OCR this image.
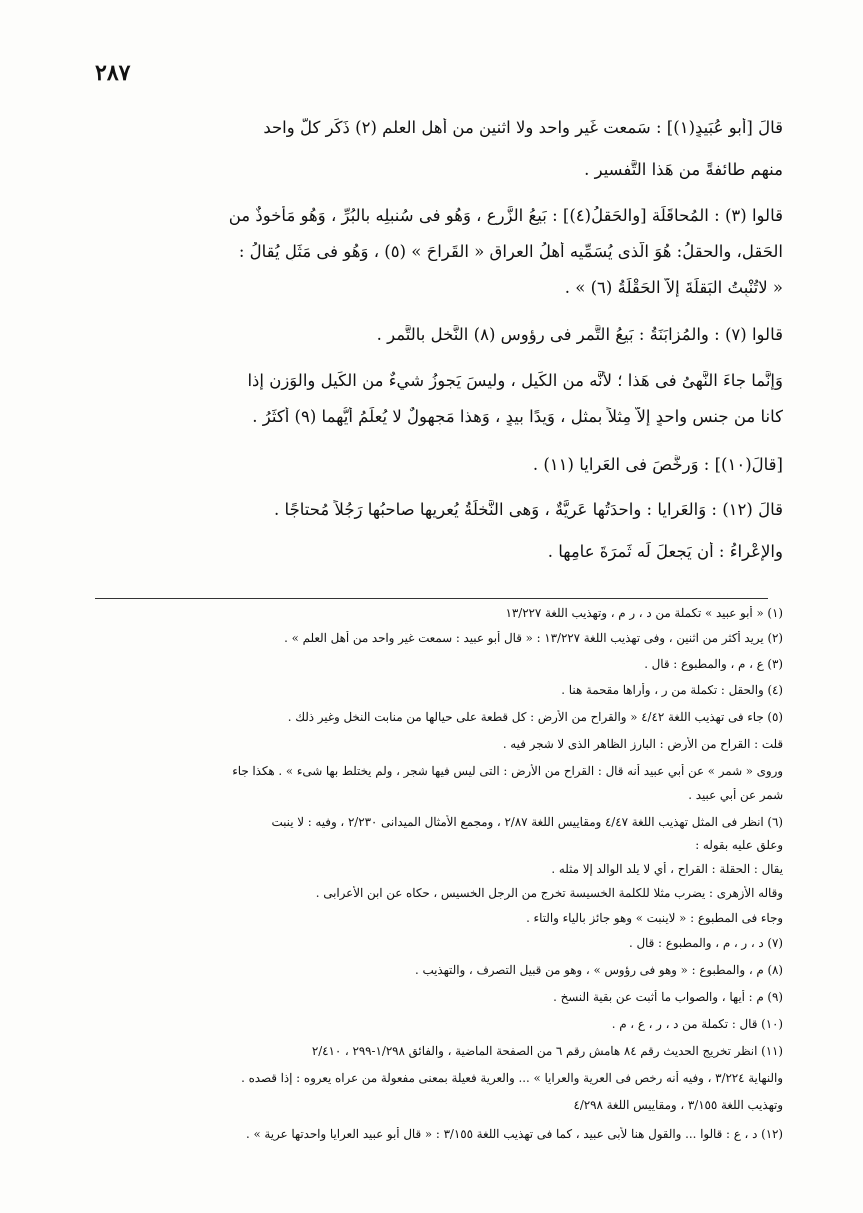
٢٨٧
قالَ [أَبو عُبَيدٍ(١)] : سَمعت غَير واحد ولا اثنين من أهل العلم (٢) ذَكَر كلَّ واحد
منهم طائفةً من هَذا التَّفسير .
قالوا (٣) : المُحاقَلَة [والحَقلُ(٤)] : بَيعُ الزَّرع ، وَهُو فى سُنبلِه بالبُرِّ ، وَهُو مَأْخوذٌ من
الحَقلِ، والحقلُ: هُوَ الَّذى يُسَمِّيه أَهلُ العراق « القَراحَ » (٥) ، وَهُو فى مَثَلٍ يُقالُ :
« لاتُنْبِتُ البَقلَةَ إِلاَّ الحَقْلَةُ (٦) » .
قالوا (٧) : والمُزابَنَةُ : بَيعُ التَّمر فى رؤوسِ (٨) النَّخلِ بالتَّمرِ .
وَإِنَّما جاءَ النَّهىُ فى هَذا ؛ لأنَّه من الكَيلِ ، وليسَ يَجوزُ شيءٌ من الكَيلِ والوَزنِ إِذا
كانا من جنسٍ واحدٍ إلاَّ مِثلاً بمثلٍ ، وَيدًا بيدٍ ، وَهذا مَجهولٌ لا يُعلَمُ أَيُّهما (٩) أكثَرُ .
[قالَ(١٠)] : وَرخَّصَ فى العَرايا (١١) .
قالَ (١٢) : وَالعَرايا : واحدَتُها عَرِيَّةٌ ، وَهى النَّخلَةُ يُعرِيها صاحبُها رَجُلاً مُحتاجًا .
والإِعْراءُ : أَن يَجعلَ لَه ثَمرَةَ عامِها .
(١) « أبو عبيد » تكملة من د ، ر م ، وتهذيب اللغة ١٣/٢٢٧
(٢) يريد أكثر من اثنين ، وفى تهذيب اللغة ١٣/٢٢٧ : « قال أبو عبيد : سمعت غير واحد من أهل العلم » .
(٣) ع ، م ، والمطبوع : قال .
(٤) والحقل : تكملة من ر ، وأراها مقحمة هنا .
(٥) جاء فى تهذيب اللغة ٤/٤٢ « والقراح من الأرض : كل قطعة على حيالها من منابت النخل وغير ذلك .
قلت : القراح من الأرض : البارز الظاهر الذى لا شجر فيه .
وروى « شمر » عن أبي عبيد أنه قال : القراح من الأرض : التى ليس فيها شجر ، ولم يختلط بها شىء » . هكذا جاء
شمر عن أبي عبيد .
(٦) انظر فى المثل تهذيب اللغة ٤/٤٧ ومقاييس اللغة ٢/٨٧ ، ومجمع الأمثال الميدانى ٢/٢٣٠ ، وفيه : لا ينبت
وعلق عليه بقوله :
يقال : الحقلة : القراح ، أي لا يلد الوالد إلا مثله .
وقاله الأزهرى : يضرب مثلا للكلمة الخسيسة تخرج من الرجل الخسيس ، حكاه عن ابن الأعرابى .
وجاء فى المطبوع : « لاينبت » وهو جائز بالياء والتاء .
(٧) د ، ر ، م ، والمطبوع : قال .
(٨) م ، والمطبوع : « وهو فى رؤوس » ، وهو من قبيل التصرف ، والتهذيب .
(٩) م : أيها ، والصواب ما أثبت عن بقية النسخ .
(١٠) قال : تكملة من د ، ر ، ع ، م .
(١١) انظر تخريج الحديث رقم ٨٤ هامش رقم ٦ من الصفحة الماضية ، والفائق ١/٢٩٨-٢٩٩ ، ٢/٤١٠
والنهاية ٣/٢٢٤ ، وفيه أنه رخص فى العرية والعرايا » ... والعرية فعيلة بمعنى مفعولة من عراه يعروه : إذا قصده .
وتهذيب اللغة ٣/١٥٥ ، ومقاييس اللغة ٤/٢٩٨
(١٢) د ، ع : قالوا ... والقول هنا لأبى عبيد ، كما فى تهذيب اللغة ٣/١٥٥ : « قال أبو عبيد العرايا واحدتها عرية » .
